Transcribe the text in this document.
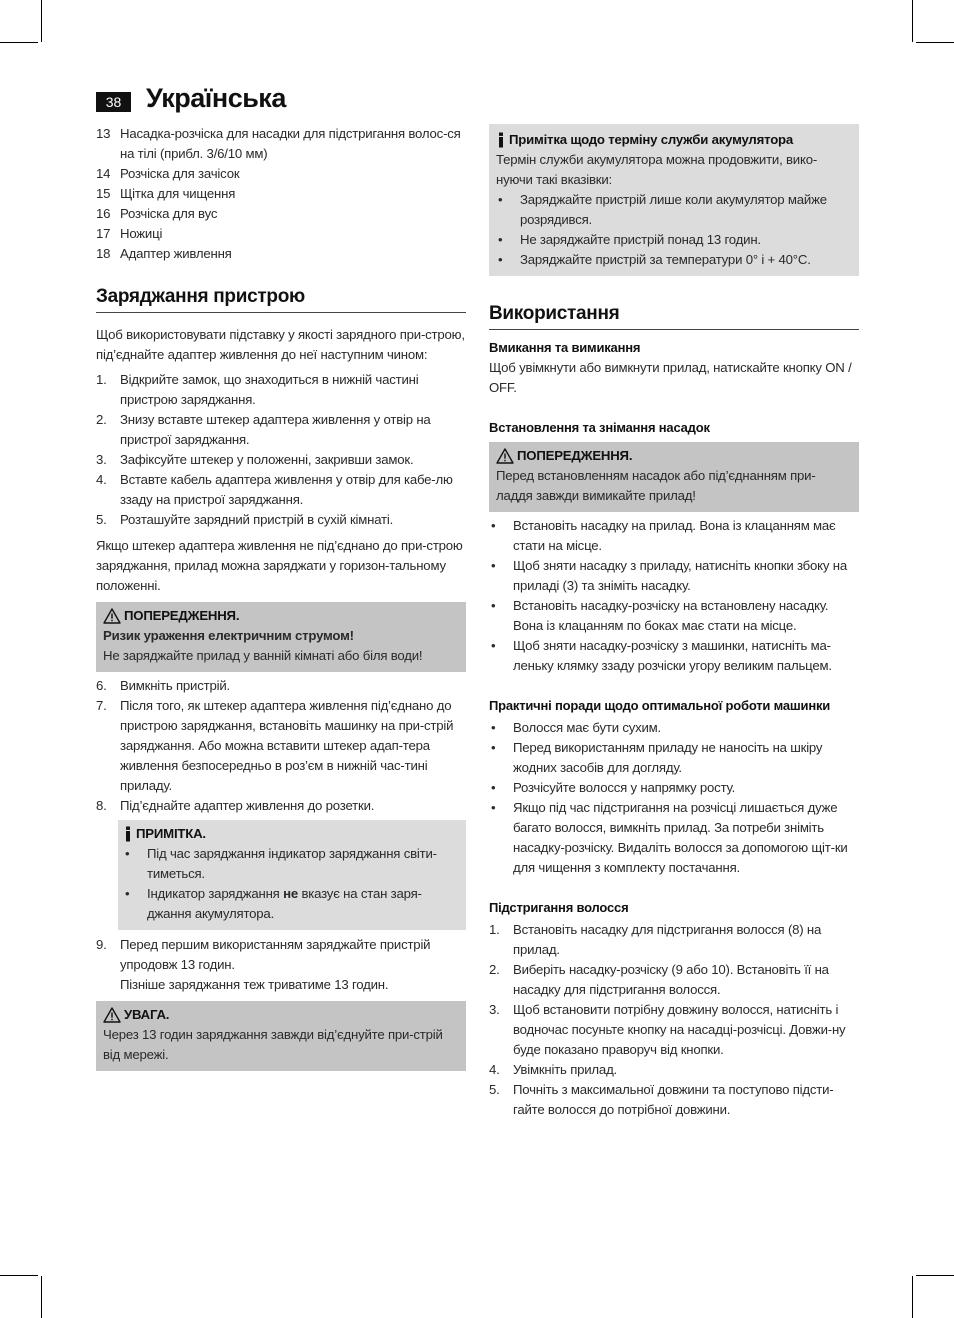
38 Українська
13 Насадка-розчіска для насадки для підстригання волос-ся на тілі (прибл. 3/6/10 мм)
14 Розчіска для зачісок
15 Щітка для чищення
16 Розчіска для вус
17 Ножиці
18 Адаптер живлення
Заряджання пристрою

Щоб використовувати підставку у якості зарядного при-строю, під’єднайте адаптер живлення до неї наступним чином:

1.	Відкрийте замок, що знаходиться в нижній частині пристрою заряджання.
2.	Знизу вставте штекер адаптера живлення у отвір на пристрої заряджання.
3.	Зафіксуйте штекер у положенні, закривши замок.
4.	Вставте кабель адаптера живлення у отвір для кабе-лю ззаду на пристрої заряджання.
5.	Розташуйте зарядний пристрій в сухій кімнаті.

Якщо штекер адаптера живлення не під’єднано до при-строю заряджання, прилад можна заряджати у горизон-тальному положенні.

ПОПЕРЕДЖЕННЯ.
Ризик ураження електричним струмом!
Не заряджайте прилад у ванній кімнаті або біля води!
6.	Вимкніть пристрій.
7.	Після того, як штекер адаптера живлення під’єднано до пристрою заряджання, встановіть машинку на при-стрій заряджання. Або можна вставити штекер адап-тера живлення безпосередньо в роз’єм в нижній час-тині приладу.
8.	Під’єднайте адаптер живлення до розетки.
ПРИМІТКА.
•	Під час заряджання індикатор заряджання світи-тиметься.
•	Індикатор заряджання не вказує на стан заря-джання акумулятора.
9.	Перед першим використанням заряджайте пристрій упродовж 13 годин.
Пізніше заряджання теж триватиме 13 годин.
УВАГА.
Через 13 годин заряджання завжди від’єднуйте при-стрій від мережі.
Примітка щодо терміну служби акумулятора
Термін служби акумулятора можна продовжити, вико-нуючи такі вказівки:
•	Заряджайте пристрій лише коли акумулятор майже розрядився.
•	Не заряджайте пристрій понад 13 годин.
•	Заряджайте пристрій за температури 0° і + 40°C.
Використання
Вмикання та вимикання

Щоб увімкнути або вимкнути прилад, натискайте кнопку ON / OFF.

Встановлення та знімання насадок
ПОПЕРЕДЖЕННЯ.
Перед встановленням насадок або під’єднанням при-ладдя завжди вимикайте прилад!
•	Встановіть насадку на прилад. Вона із клацанням має стати на місце.
•	Щоб зняти насадку з приладу, натисніть кнопки збоку на приладі (3) та зніміть насадку.
•	Встановіть насадку-розчіску на встановлену насадку. Вона із клацанням по боках має стати на місце.
•	Щоб зняти насадку-розчіску з машинки, натисніть ма-леньку клямку ззаду розчіски угору великим пальцем.
Практичні поради щодо оптимальної роботи машинки
•	Волосся має бути сухим.
•	Перед використанням приладу не наносіть на шкіру жодних засобів для догляду.
•	Розчісуйте волосся у напрямку росту.
•	Якщо під час підстригання на розчісці лишається дуже багато волосся, вимкніть прилад. За потреби зніміть насадку-розчіску. Видаліть волосся за допомогою щіт-ки для чищення з комплекту постачання.
Підстригання волосся
1.	Встановіть насадку для підстригання волосся (8) на прилад.
2.	Виберіть насадку-розчіску (9 або 10). Встановіть її на насадку для підстригання волосся.
3.	Щоб встановити потрібну довжину волосся, натисніть і водночас посуньте кнопку на насадці-розчісці. Довжи-ну буде показано праворуч від кнопки.
4.	Увімкніть прилад.
5.	Почніть з максимальної довжини та поступово підсти-гайте волосся до потрібної довжини.
